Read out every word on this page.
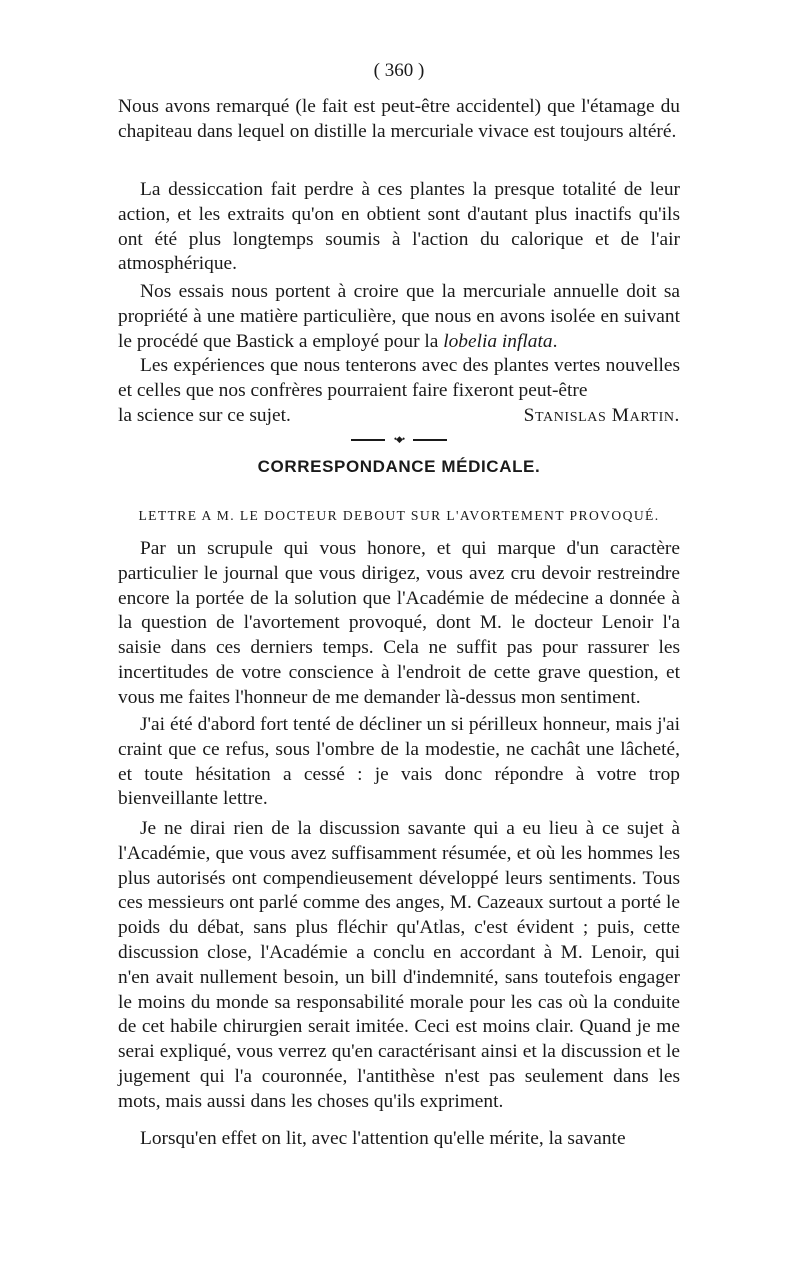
( 360 )

Nous avons remarqué (le fait est peut-être accidentel) que l'étamage du chapiteau dans lequel on distille la mercuriale vivace est toujours altéré.

La dessiccation fait perdre à ces plantes la presque totalité de leur action, et les extraits qu'on en obtient sont d'autant plus inactifs qu'ils ont été plus longtemps soumis à l'action du calorique et de l'air atmosphérique.

Nos essais nous portent à croire que la mercuriale annuelle doit sa propriété à une matière particulière, que nous en avons isolée en suivant le procédé que Bastick a employé pour la lobelia inflata.

Les expériences que nous tenterons avec des plantes vertes nouvelles et celles que nos confrères pourraient faire fixeront peut-être
la science sur ce sujet.	Stanislas Martin.
•◆•
CORRESPONDANCE MÉDICALE.
LETTRE A M. LE DOCTEUR DEBOUT SUR L'AVORTEMENT PROVOQUÉ.

Par un scrupule qui vous honore, et qui marque d'un caractère particulier le journal que vous dirigez, vous avez cru devoir restreindre encore la portée de la solution que l'Académie de médecine a donnée à la question de l'avortement provoqué, dont M. le docteur Lenoir l'a saisie dans ces derniers temps. Cela ne suffit pas pour rassurer les incertitudes de votre conscience à l'endroit de cette grave question, et vous me faites l'honneur de me demander là-dessus mon sentiment.

J'ai été d'abord fort tenté de décliner un si périlleux honneur, mais j'ai craint que ce refus, sous l'ombre de la modestie, ne cachât une lâcheté, et toute hésitation a cessé : je vais donc répondre à votre trop bienveillante lettre.

Je ne dirai rien de la discussion savante qui a eu lieu à ce sujet à l'Académie, que vous avez suffisamment résumée, et où les hommes les plus autorisés ont compendieusement développé leurs sentiments. Tous ces messieurs ont parlé comme des anges, M. Cazeaux surtout a porté le poids du débat, sans plus fléchir qu'Atlas, c'est évident ; puis, cette discussion close, l'Académie a conclu en accordant à M. Lenoir, qui n'en avait nullement besoin, un bill d'indemnité, sans toutefois engager le moins du monde sa responsabilité morale pour les cas où la conduite de cet habile chirurgien serait imitée. Ceci est moins clair. Quand je me serai expliqué, vous verrez qu'en caractérisant ainsi et la discussion et le jugement qui l'a couronnée, l'antithèse n'est pas seulement dans les mots, mais aussi dans les choses qu'ils expriment.

Lorsqu'en effet on lit, avec l'attention qu'elle mérite, la savante
